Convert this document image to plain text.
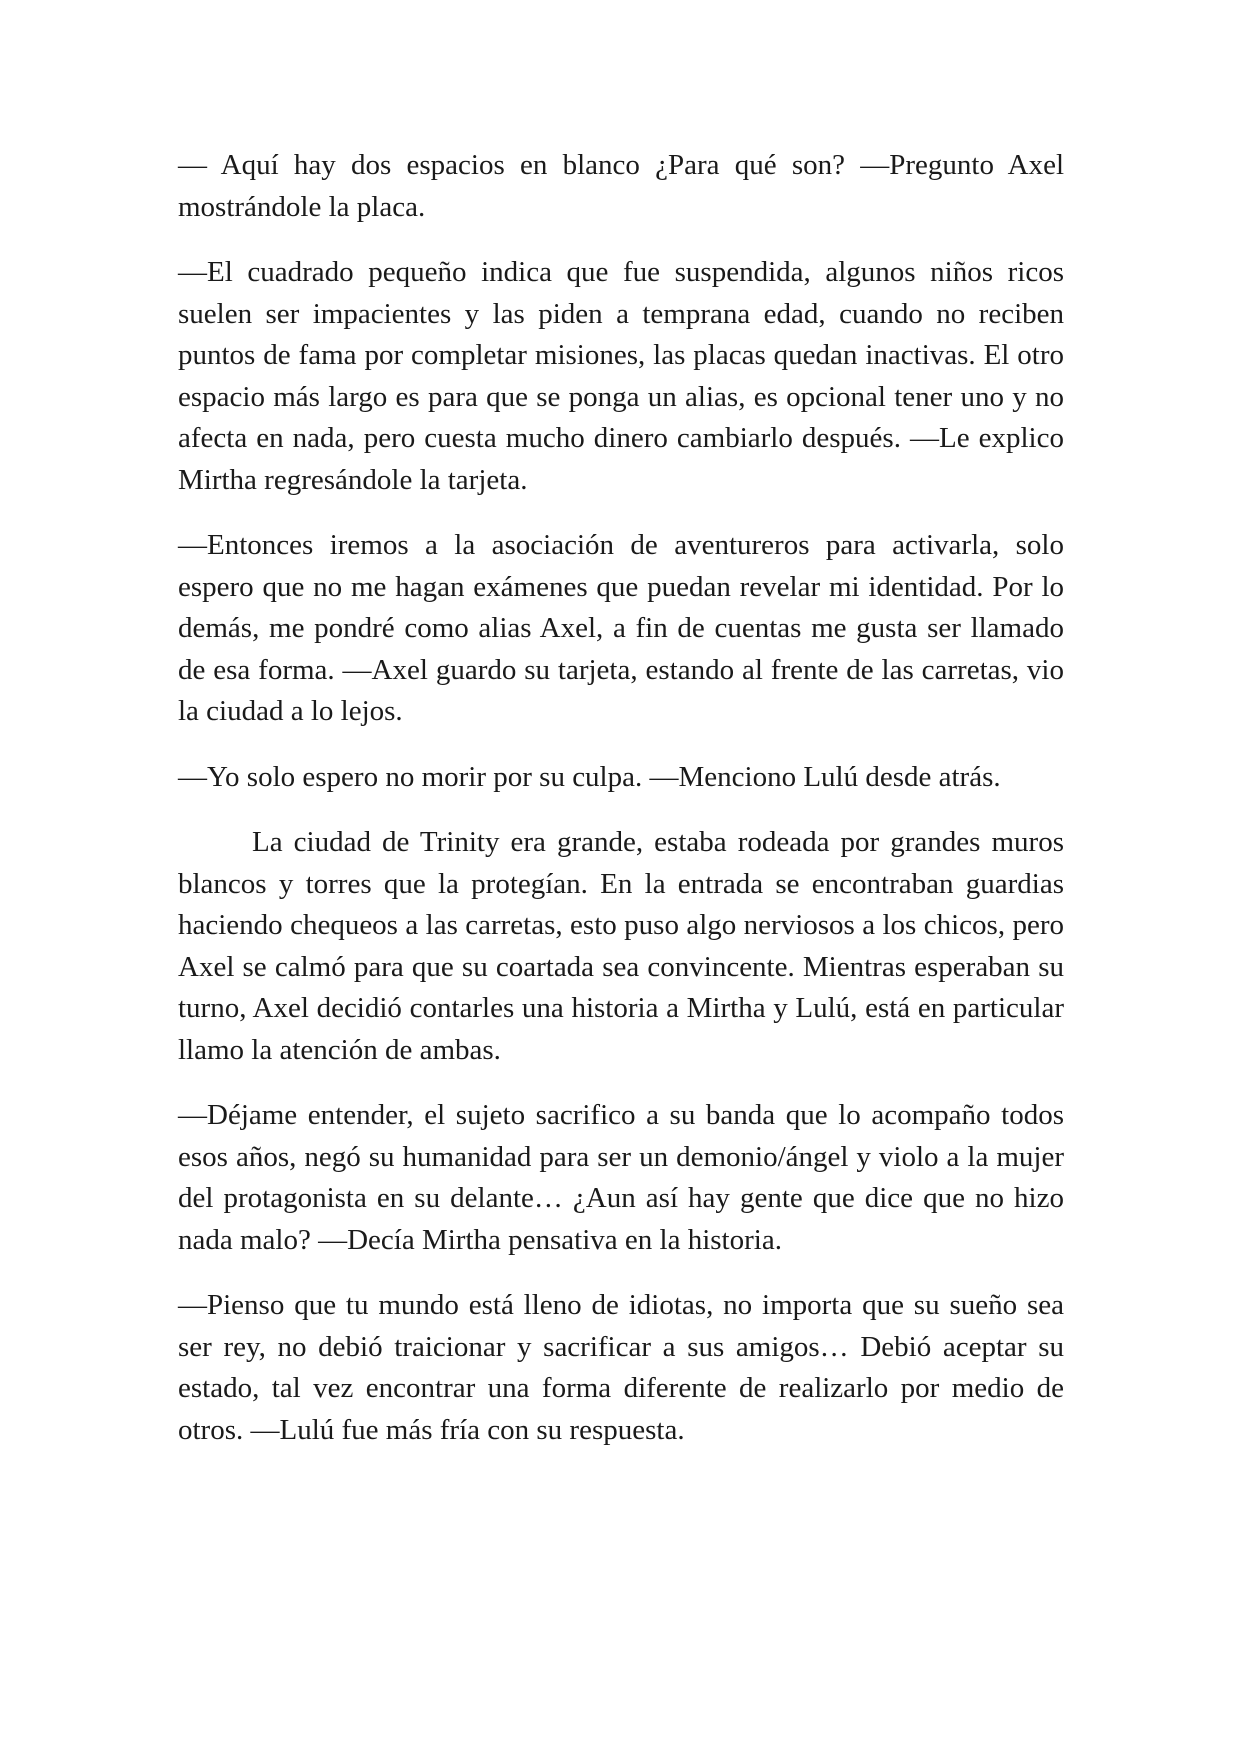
— Aquí hay dos espacios en blanco ¿Para qué son? —Pregunto Axel mostrándole la placa.

—El cuadrado pequeño indica que fue suspendida, algunos niños ricos suelen ser impacientes y las piden a temprana edad, cuando no reciben puntos de fama por completar misiones, las placas quedan inactivas. El otro espacio más largo es para que se ponga un alias, es opcional tener uno y no afecta en nada, pero cuesta mucho dinero cambiarlo después. —Le explico Mirtha regresándole la tarjeta.

—Entonces iremos a la asociación de aventureros para activarla, solo espero que no me hagan exámenes que puedan revelar mi identidad. Por lo demás, me pondré como alias Axel, a fin de cuentas me gusta ser llamado de esa forma. —Axel guardo su tarjeta, estando al frente de las carretas, vio la ciudad a lo lejos.

—Yo solo espero no morir por su culpa. —Menciono Lulú desde atrás.

La ciudad de Trinity era grande, estaba rodeada por grandes muros blancos y torres que la protegían. En la entrada se encontraban guardias haciendo chequeos a las carretas, esto puso algo nerviosos a los chicos, pero Axel se calmó para que su coartada sea convincente. Mientras esperaban su turno, Axel decidió contarles una historia a Mirtha y Lulú, está en particular llamo la atención de ambas.

—Déjame entender, el sujeto sacrifico a su banda que lo acompaño todos esos años, negó su humanidad para ser un demonio/ángel y violo a la mujer del protagonista en su delante… ¿Aun así hay gente que dice que no hizo nada malo? —Decía Mirtha pensativa en la historia.

—Pienso que tu mundo está lleno de idiotas, no importa que su sueño sea ser rey, no debió traicionar y sacrificar a sus amigos… Debió aceptar su estado, tal vez encontrar una forma diferente de realizarlo por medio de otros. —Lulú fue más fría con su respuesta.
